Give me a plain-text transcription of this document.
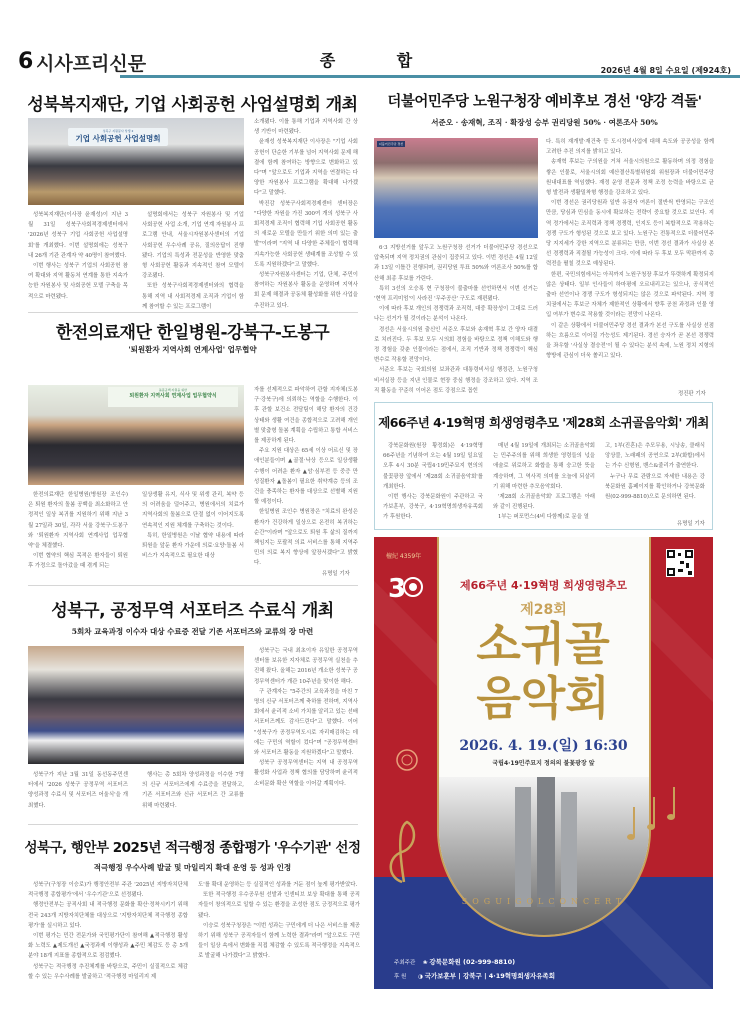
6 시사프리신문	종 합
2026년 4월 8일 수요일 (제924호)
성북복지재단, 기업 사회공헌 사업설명회 개최
성북구 지원봉사 상생 2
기업 사회공헌 사업설명회

성북복지재단(이사장 윤재성)이 지난 3월 31일 성북구사회적경제센터에서 '2026년 성북구 기업 사회공헌 사업설명회'를 개최했다. 이번 설명회에는 성북구 내 26개 기관 관계자 약 40명이 참여했다.

이번 행사는 성북구 기업의 사회공헌 참여 확대와 지역 활동처 연계를 통한 지속가능한 자원봉사 및 사회공헌 모델 구축을 목적으로 마련됐다.

설명회에서는 성북구 자원봉사 및 기업 사회공헌 사업 소개, 기업 연계 자원봉사 프로그램 안내, 서울시자원봉사센터의 기업 사회공헌 우수사례 공유, 질의응답이 진행됐다. 기업의 특성과 전문성을 반영한 맞춤형 사회공헌 활동과 지속적인 참여 모델이 강조됐다.

또한 성북구사회적경제센터와의 협력을 통해 지역 내 사회적경제 조직과 기업이 함께 참여할 수 있는 프로그램이

소개됐다. 이를 통해 기업과 지역사회 간 상생 기반이 마련됐다.

윤재성 성북복지재단 이사장은 "기업 사회공헌이 단순한 기부를 넘어 지역사회 문제 해결에 함께 참여하는 방향으로 변화하고 있다"며 "앞으로도 기업과 지역을 연결하는 다양한 자원봉사 프로그램을 확대해 나가겠다"고 말했다.

박진감 성북구사회적경제센터 센터장은 "다양한 자원을 가진 300여 개의 성북구 사회적경제 조직이 협력해 기업 사회공헌 활동의 새로운 모델을 만들기 위한 의미 있는 출발"이라며 "지역 내 다양한 주체들이 협력해 지속가능한 사회공헌 생태계를 조성할 수 있도록 지원하겠다"고 말했다.

성북구자원봉사센터는 기업, 단체, 주민이 참여하는 자원봉사 활동을 운영하며 지역사회 문제 해결과 공동체 활성화를 위한 사업을 추진하고 있다.

한전의료재단 한일병원-강북구-도봉구
'퇴원환자 지역사회 연계사업' 업무협약
돌봄공백 자원을 위한
퇴원환자 지역사회 연계사업 업무협약식

한전의료재단 한일병원(병원장 조인수)은 퇴원 환자의 돌봄 공백을 최소화하고 안정적인 일상 복귀를 지원하기 위해 지난 3월 27일과 30일, 각각 서울 강북구·도봉구와 '퇴원환자 지역사회 연계사업 업무협약'을 체결했다.

이번 협약의 핵심 목적은 환자들이 퇴원 후 가정으로 돌아갔을 때 겪게 되는

일상생활 유지, 식사 및 위생 관리, 복약 등의 어려움을 덜어주고, 병원에서의 치료가 지역사회의 돌봄으로 단절 없이 이어지도록 연속적인 지원 체계를 구축하는 것이다.

특히, 한일병원은 이날 협약 내용에 따라 퇴원을 앞둔 환자 가운데 의료·요양·돌봄 서비스가 지속적으로 필요한 대상

자를 선제적으로 파악하여 관할 지자체(도봉구·강북구)에 의뢰하는 역할을 수행한다. 이후 관할 보건소 전담팀이 해당 환자의 건강 상태와 생활 여건을 종합적으로 고려해 개인별 맞춤형 돌봄 계획을 수립하고 통합 서비스를 제공하게 된다.

주요 지원 대상은 65세 이상 어르신 및 장애인분들이며 ▲골절·낙상 등으로 일상생활 수행이 어려운 환자 ▲암·심부전 등 중증 만성질환자 ▲돌봄이 필요한 취약계층 등의 조건을 충족하는 환자를 대상으로 선별해 지원할 예정이다.

한일병원 조인수 병원장은 "치료의 완성은 환자가 건강하게 일상으로 온전히 복귀하는 순간"이라며 "앞으로도 퇴원 후 삶의 질까지 책임지는 포괄적 의료 서비스를 통해 지역주민의 의료 복지 향상에 앞장서겠다"고 밝혔다.

유명일 기자
성북구, 공정무역 서포터즈 수료식 개최
5회차 교육과정 이수자 대상 수료증 전달 기존 서포터즈와 교류의 장 마련

성북구가 지난 3월 31일 동선동주민센터에서 '2026 성북구 공정무역 서포터즈 양성과정 수료식 및 서포터즈 어울식'을 개최했다.

행사는 총 5회차 양성과정을 이수한 7명의 신규 서포터즈에게 수료증을 전달하고, 기존 서포터즈와 신규 서포터즈 간 교류를 위해 마련됐다.

성북구는 국내 최초이자 유일한 공정무역센터를 보유한 지자체로 공정무역 실천을 추진해 왔다. 올해는 2016년 개소한 성북구 공정무역센터가 개관 10주년을 맞이한 해다.

구 관계자는 "5주간의 교육과정을 마친 7명의 신규 서포터즈께 축하를 전하며, 지역사회에서 윤리적 소비 가치를 알리고 있는 선배 서포터즈께도 감사드린다"고 말했다. 이어 "성북구가 공정무역도시로 자리매김하는 데에는 구민의 역할이 컸다"며 "공정무역센터와 서포터즈 활동을 지원하겠다"고 말했다.

성북구 공정무역센터는 지역 내 공정무역 활성화 사업과 정책 협의를 담당하며 윤리적 소비문화 확산 역할을 이어갈 계획이다.

성북구, 행안부 2025년 적극행정 종합평가 '우수기관' 선정
적극행정 우수사례 발굴 및 마일리지 확대 운영 등 성과 인정

성북구(구청장 이승로)가 행정안전부 주관 '2025년 지방자치단체 적극행정 종합평가'에서 '우수기관'으로 선정됐다.

행정안전부는 공직사회 내 적극행정 문화를 확산·정착시키기 위해 전국 243개 지방자치단체를 대상으로 '지방자치단체 적극행정 종합평가'를 실시하고 있다.

이번 평가는 민간 전문가와 국민평가단이 참여해 ▲적극행정 활성화 노력도 ▲제도개선 ▲국정과제 이행성과 ▲주민 체감도 등 총 5개 분야 18개 지표를 종합적으로 점검했다.

성북구는 적극행정 추진체계를 바탕으로, 주민이 실질적으로 체감할 수 있는 우수사례를 발굴하고 '적극행정 마일리지 제

도'를 확대 운영하는 등 실질적인 성과를 거둔 점이 높게 평가받았다.

또한 적극행정 우수공무원 선발과 인센티브 보상 확대를 통해 공직자들이 창의적으로 일할 수 있는 환경을 조성한 점도 긍정적으로 평가됐다.

이승로 성북구청장은 "이번 성과는 구민에게 더 나은 서비스를 제공하기 위해 성북구 공직자들이 함께 노력한 결과"라며 "앞으로도 구민들이 일상 속에서 변화를 직접 체감할 수 있도록 적극행정을 지속적으로 발굴해 나가겠다"고 밝혔다.

더불어민주당 노원구청장 예비후보 경선 '양강 격돌'
서준오 · 송재혁, 조직 · 확장성 승부 권리당원 50% · 여론조사 50%
더불어민주당 경선

6·3 지방선거를 앞두고 노원구청장 선거가 더불어민주당 경선으로 압축되며 지역 정치권의 관심이 집중되고 있다. 이번 경선은 4월 12일과 13일 이틀간 진행되며, 권리당원 투표 50%와 여론조사 50%를 합산해 최종 후보를 가린다.

특히 3선의 오승록 현 구청장이 불출마를 선언하면서 이번 선거는 '현역 프리미엄'이 사라진 '무주공산' 구도로 재편됐다.

이에 따라 후보 개인의 경쟁력과 조직력, 대중 확장성이 그대로 드러나는 선거가 될 것이라는 분석이 나온다.

경선은 서울시의원 출신인 서준오 후보와 송재혁 후보 간 양자 대결로 치러진다. 두 후보 모두 시의회 경험을 바탕으로 정책 이해도와 행정 경험을 갖춘 인물이라는 점에서, 조직 기반과 정책 경쟁력이 핵심 변수로 작용할 전망이다.

서준오 후보는 국회의원 보좌관과 대통령비서실 행정관, 노원구청 비서실장 등을 지낸 인물로 현장 중심 행정을 강조하고 있다. 지역 조직 활동을 꾸준히 이어온 점도 강점으로 꼽힌

다. 특히 재개발·재건축 등 도시정비사업에 대해 속도와 공공성을 함께 고려한 추진 의지를 밝히고 있다.

송재혁 후보는 구의원을 거쳐 서울시의원으로 활동하며 의정 경험을 쌓은 인물로, 서울시의회 예산결산특별위원회 위원장과 더불어민주당 원내대표를 역임했다. 재정 운영 전문과 정책 조정 능력을 바탕으로 균형 발전과 생활밀착형 행정을 강조하고 있다.

이번 경선은 권리당원과 일반 유권자 여론이 절반씩 반영되는 구조인 만큼, 당심과 민심을 동시에 확보하는 전략이 중요할 것으로 보인다. 지역 정가에서는 조직력과 정책 경쟁력, 인지도 등이 복합적으로 작용하는 경쟁 구도가 형성된 것으로 보고 있다. 노원구는 전통적으로 더불어민주당 지지세가 강한 지역으로 분류되는 만큼, 이번 경선 결과가 사실상 본선 경쟁력과 직결될 가능성이 크다. 이에 따라 두 후보 모두 막판까지 총력전을 펼칠 것으로 예상된다.

한편, 국민의힘에서는 아직까지 노원구청장 후보가 뚜렷하게 확정되지 않은 상태다. 일부 인사들이 하마평에 오르내리고는 있으나, 공식적인 출마 선언이나 경쟁 구도가 형성되지는 않은 것으로 파악된다. 지역 정치권에서는 후보군 자체가 제한적인 상황에서 향후 공천 과정과 인물 영입 여부가 변수로 작용할 것이라는 전망이 나온다.

이 같은 상황에서 더불어민주당 경선 결과가 본선 구도를 사실상 선점하는 흐름으로 이어질 가능성도 제기된다. 경선 승자가 곧 본선 경쟁력을 좌우할 '사실상 결승전'이 될 수 있다는 분석 속에, 노원 정치 지형의 향방에 관심이 더욱 쏠리고 있다.

정진판 기자
제66주년 4·19혁명 희생영령추모 '제28회 소귀골음악회' 개최

강북문화원(원장 황정회)은 4·19혁명 66주년을 기념하여 오는 4월 19일 일요일 오후 4시 30분 국립4·19민주묘지 현의의 불꽃광장 앞에서 '제28회 소귀골음악회'를 개최한다.

이번 행사는 강북문화원이 주관하고 국가보훈부, 강북구, 4·19혁명희생자유족회가 후원한다.

매년 4월 19일에 개최되는 소귀골음악회는 민주주의를 위해 희생한 영령들의 넋을 애술로 위로하고 화합을 통해 숭고한 뜻을 계승하며, 그 역사적 의미를 오늘에 되살리기 위해 마련한 추모음악회다.

'제28회 소귀골음악회' 프로그램은 아래와 같이 진행된다.

1부는 퍼포먼스(4비 다함께)로 문을 열

고, 1부(진혼)은 추모무용, 시낭송, 클래식 앙상블, 노래패의 공연으로 2부(화합)에서는 가수 신형원, 밴스&줄리가 출연한다.

누구나 무료 관람으로 자세한 내용은 강북문화원 홈페이지를 확인하거나 강북문화원(02-999-8810)으로 문의하면 된다.

유명일 기자
檀紀 4359年
3	제66주년 4·19혁명 희생영령추모
제28회
소귀골 음악회
2026. 4. 19.(일) 16:30
국립4·19민주묘지 정의의 불꽃광장 앞
SOGUIGOLCONCERT
주최주관 ❀ 강북문화원 (02-999-8810)
후 원 ◑ 국가보훈부 | 강북구 | 4·19혁명희생자유족회
